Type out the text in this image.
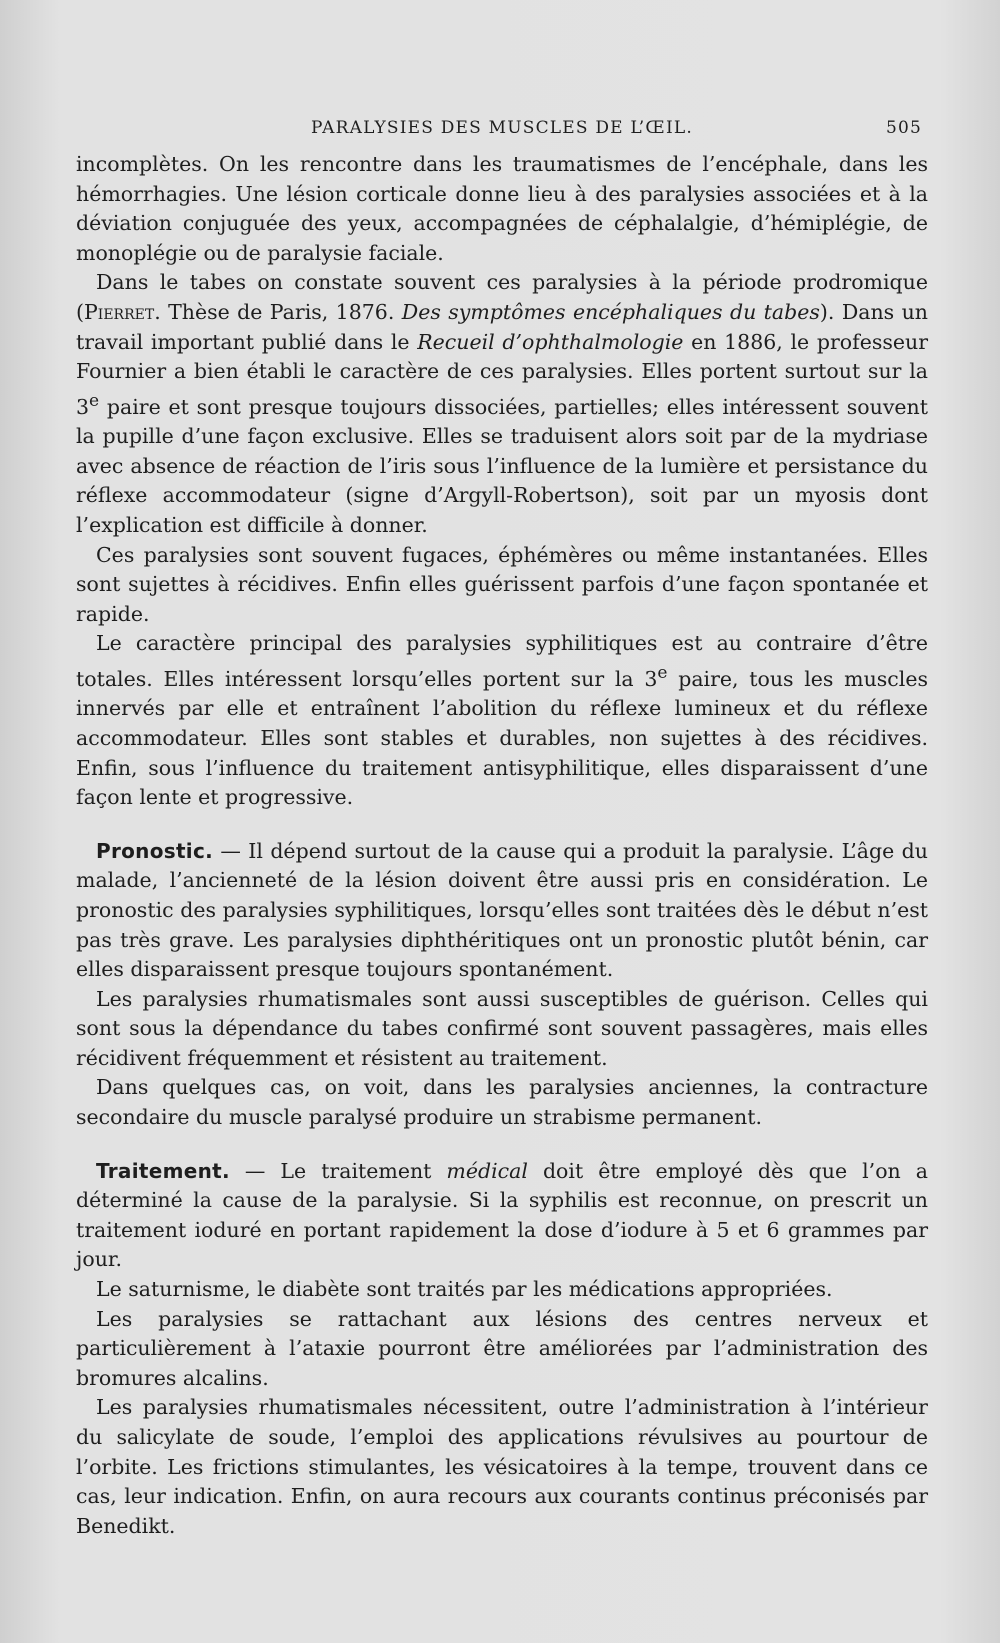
PARALYSIES DES MUSCLES DE L’ŒIL.	505

incomplètes. On les rencontre dans les traumatismes de l’encéphale, dans les hémorrhagies. Une lésion corticale donne lieu à des paralysies associées et à la déviation conjuguée des yeux, accompagnées de céphalalgie, d’hémiplégie, de monoplégie ou de paralysie faciale.

Dans le tabes on constate souvent ces paralysies à la période prodromique (Pierret. Thèse de Paris, 1876. Des symptômes encéphaliques du tabes). Dans un travail important publié dans le Recueil d’ophthalmologie en 1886, le professeur Fournier a bien établi le caractère de ces paralysies. Elles portent surtout sur la 3e paire et sont presque toujours dissociées, partielles; elles intéressent souvent la pupille d’une façon exclusive. Elles se traduisent alors soit par de la mydriase avec absence de réaction de l’iris sous l’influence de la lumière et persistance du réflexe accommodateur (signe d’Argyll-Robertson), soit par un myosis dont l’explication est difficile à donner.

Ces paralysies sont souvent fugaces, éphémères ou même instantanées. Elles sont sujettes à récidives. Enfin elles guérissent parfois d’une façon spontanée et rapide.

Le caractère principal des paralysies syphilitiques est au contraire d’être totales. Elles intéressent lorsqu’elles portent sur la 3e paire, tous les muscles innervés par elle et entraînent l’abolition du réflexe lumineux et du réflexe accommodateur. Elles sont stables et durables, non sujettes à des récidives. Enfin, sous l’influence du traitement antisyphilitique, elles disparaissent d’une façon lente et progressive.

Pronostic. — Il dépend surtout de la cause qui a produit la paralysie. L’âge du malade, l’ancienneté de la lésion doivent être aussi pris en considération. Le pronostic des paralysies syphilitiques, lorsqu’elles sont traitées dès le début n’est pas très grave. Les paralysies diphthéritiques ont un pronostic plutôt bénin, car elles disparaissent presque toujours spontanément.

Les paralysies rhumatismales sont aussi susceptibles de guérison. Celles qui sont sous la dépendance du tabes confirmé sont souvent passagères, mais elles récidivent fréquemment et résistent au traitement.

Dans quelques cas, on voit, dans les paralysies anciennes, la contracture secondaire du muscle paralysé produire un strabisme permanent.

Traitement. — Le traitement médical doit être employé dès que l’on a déterminé la cause de la paralysie. Si la syphilis est reconnue, on prescrit un traitement ioduré en portant rapidement la dose d’iodure à 5 et 6 grammes par jour.

Le saturnisme, le diabète sont traités par les médications appropriées.

Les paralysies se rattachant aux lésions des centres nerveux et particulièrement à l’ataxie pourront être améliorées par l’administration des bromures alcalins.

Les paralysies rhumatismales nécessitent, outre l’administration à l’intérieur du salicylate de soude, l’emploi des applications révulsives au pourtour de l’orbite. Les frictions stimulantes, les vésicatoires à la tempe, trouvent dans ce cas, leur indication. Enfin, on aura recours aux courants continus préconisés par Benedikt.
